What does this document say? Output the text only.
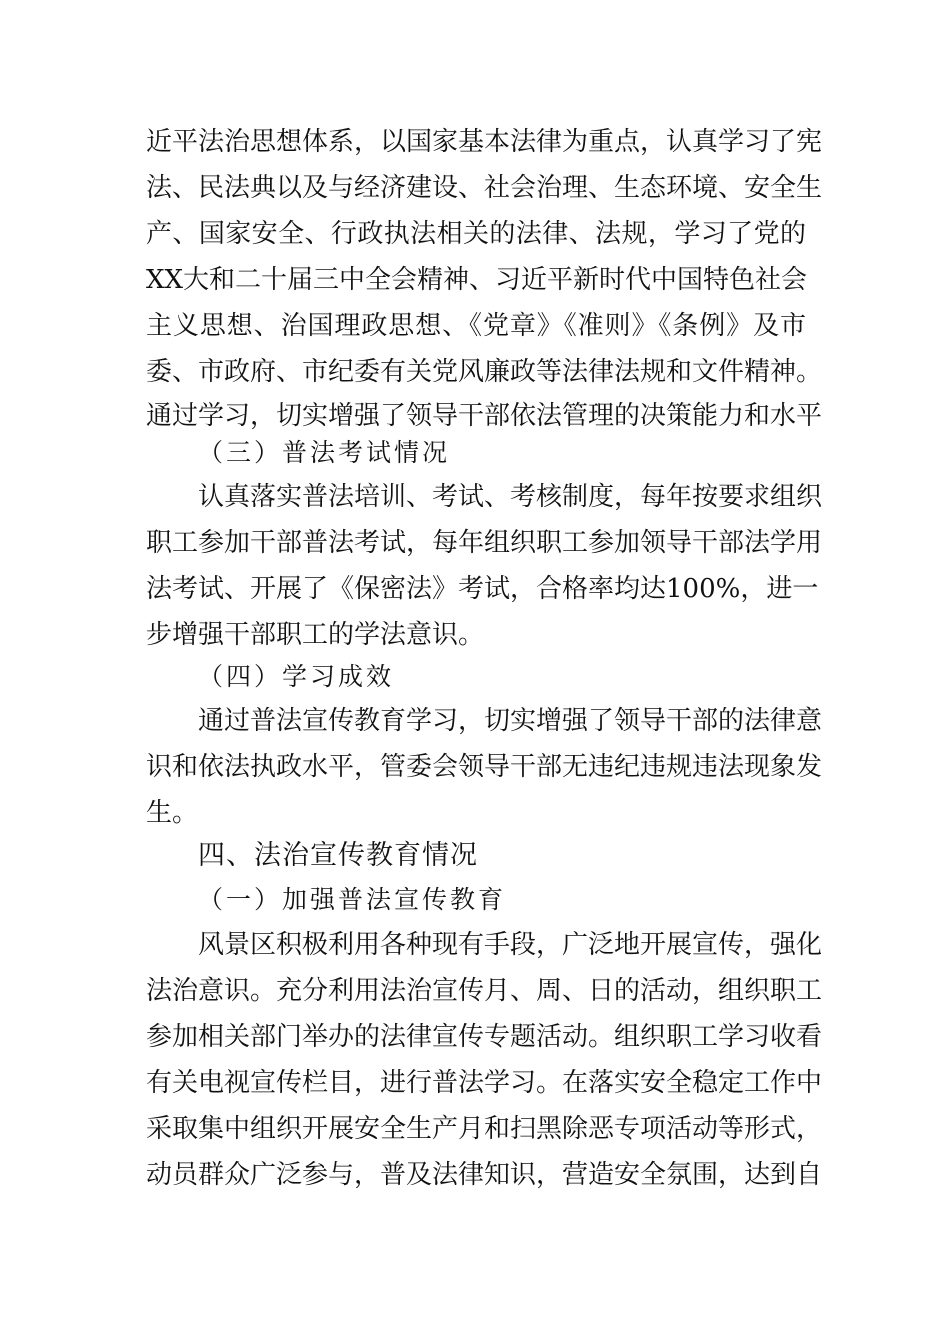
近平法治思想体系，以国家基本法律为重点，认真学习了宪
法、民法典以及与经济建设、社会治理、生态环境、安全生
产、国家安全、行政执法相关的法律、法规，学习了党的
XX大和二十届三中全会精神、习近平新时代中国特色社会
主义思想、治国理政思想、《党章》《准则》《条例》及市
委、市政府、市纪委有关党风廉政等法律法规和文件精神。
通过学习，切实增强了领导干部依法管理的决策能力和水平
（三）普法考试情况
认真落实普法培训、考试、考核制度，每年按要求组织
职工参加干部普法考试，每年组织职工参加领导干部法学用
法考试、开展了《保密法》考试，合格率均达100%，进一
步增强干部职工的学法意识。
（四）学习成效
通过普法宣传教育学习，切实增强了领导干部的法律意
识和依法执政水平，管委会领导干部无违纪违规违法现象发
生。
四、法治宣传教育情况
（一）加强普法宣传教育
风景区积极利用各种现有手段，广泛地开展宣传，强化
法治意识。充分利用法治宣传月、周、日的活动，组织职工
参加相关部门举办的法律宣传专题活动。组织职工学习收看
有关电视宣传栏目，进行普法学习。在落实安全稳定工作中
采取集中组织开展安全生产月和扫黑除恶专项活动等形式，
动员群众广泛参与，普及法律知识，营造安全氛围，达到自
